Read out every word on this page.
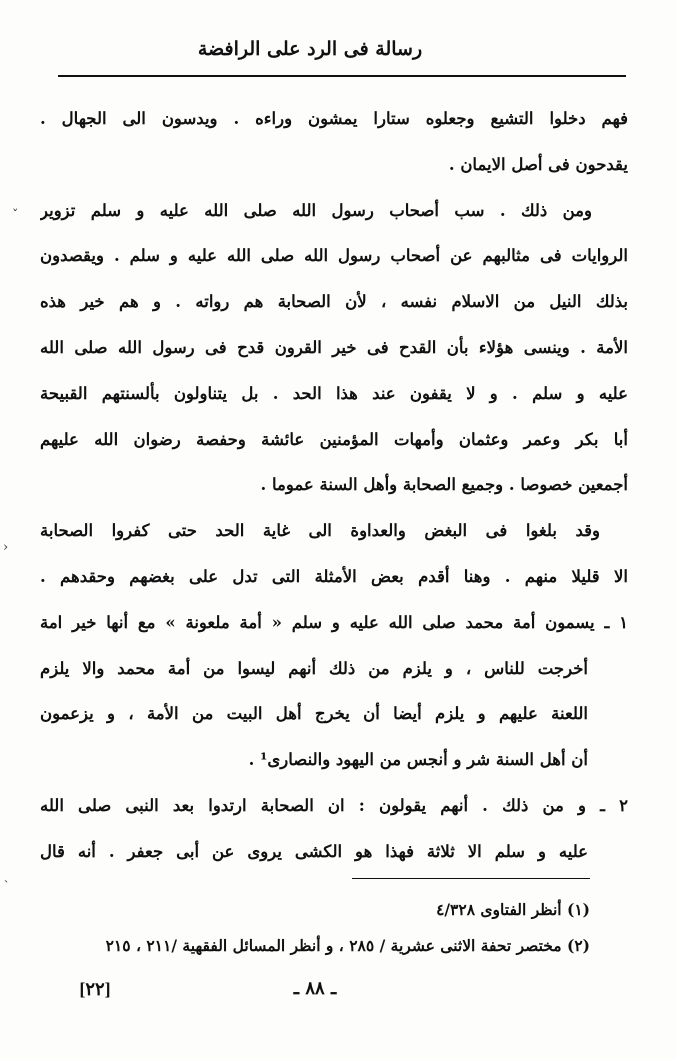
رسالة فى الرد على الرافضة
فهم دخلوا التشيع وجعلوه ستارا يمشون وراءه . ويدسون الى الجهال .
يقدحون فى أصل الايمان .
ومن ذلك . سب أصحاب رسول الله صلى الله عليه و سلم تزوير
الروايات فى مثالبهم عن أصحاب رسول الله صلى الله عليه و سلم . ويقصدون
بذلك النيل من الاسلام نفسه ، لأن الصحابة هم رواته . و هم خير هذه
الأمة . وينسى هؤلاء بأن القدح فى خير القرون قدح فى رسول الله صلى الله
عليه و سلم . و لا يقفون عند هذا الحد . بل يتناولون بألسنتهم القبيحة
أبا بكر وعمر وعثمان وأمهات المؤمنين عائشة وحفصة رضوان الله عليهم
أجمعين خصوصا . وجميع الصحابة وأهل السنة عموما .
وقد بلغوا فى البغض والعداوة الى غاية الحد حتى كفروا الصحابة
الا قليلا منهم . وهنا أقدم بعض الأمثلة التى تدل على بغضهم وحقدهم .
١ ـ يسمون أمة محمد صلى الله عليه و سلم « أمة ملعونة » مع أنها خير امة
أخرجت للناس ، و يلزم من ذلك أنهم ليسوا من أمة محمد والا يلزم
اللعنة عليهم و يلزم أيضا أن يخرج أهل البيت من الأمة ، و يزعمون
أن أهل السنة شر و أنجس من اليهود والنصارى¹ .
٢ ـ و من ذلك . أنهم يقولون : ان الصحابة ارتدوا بعد النبى صلى الله
عليه و سلم الا ثلاثة فهذا هو الكشى يروى عن أبى جعفر . أنه قال
(١) أنظر الفتاوى ٤/٣٢٨
(٢) مختصر تحفة الاثنى عشرية / ٢٨٥ ، و أنظر المسائل الفقهية /٢١١ ، ٢١٥
ـ ٨٨ ـ
[٢٢]
ˇ
›
ˎ
